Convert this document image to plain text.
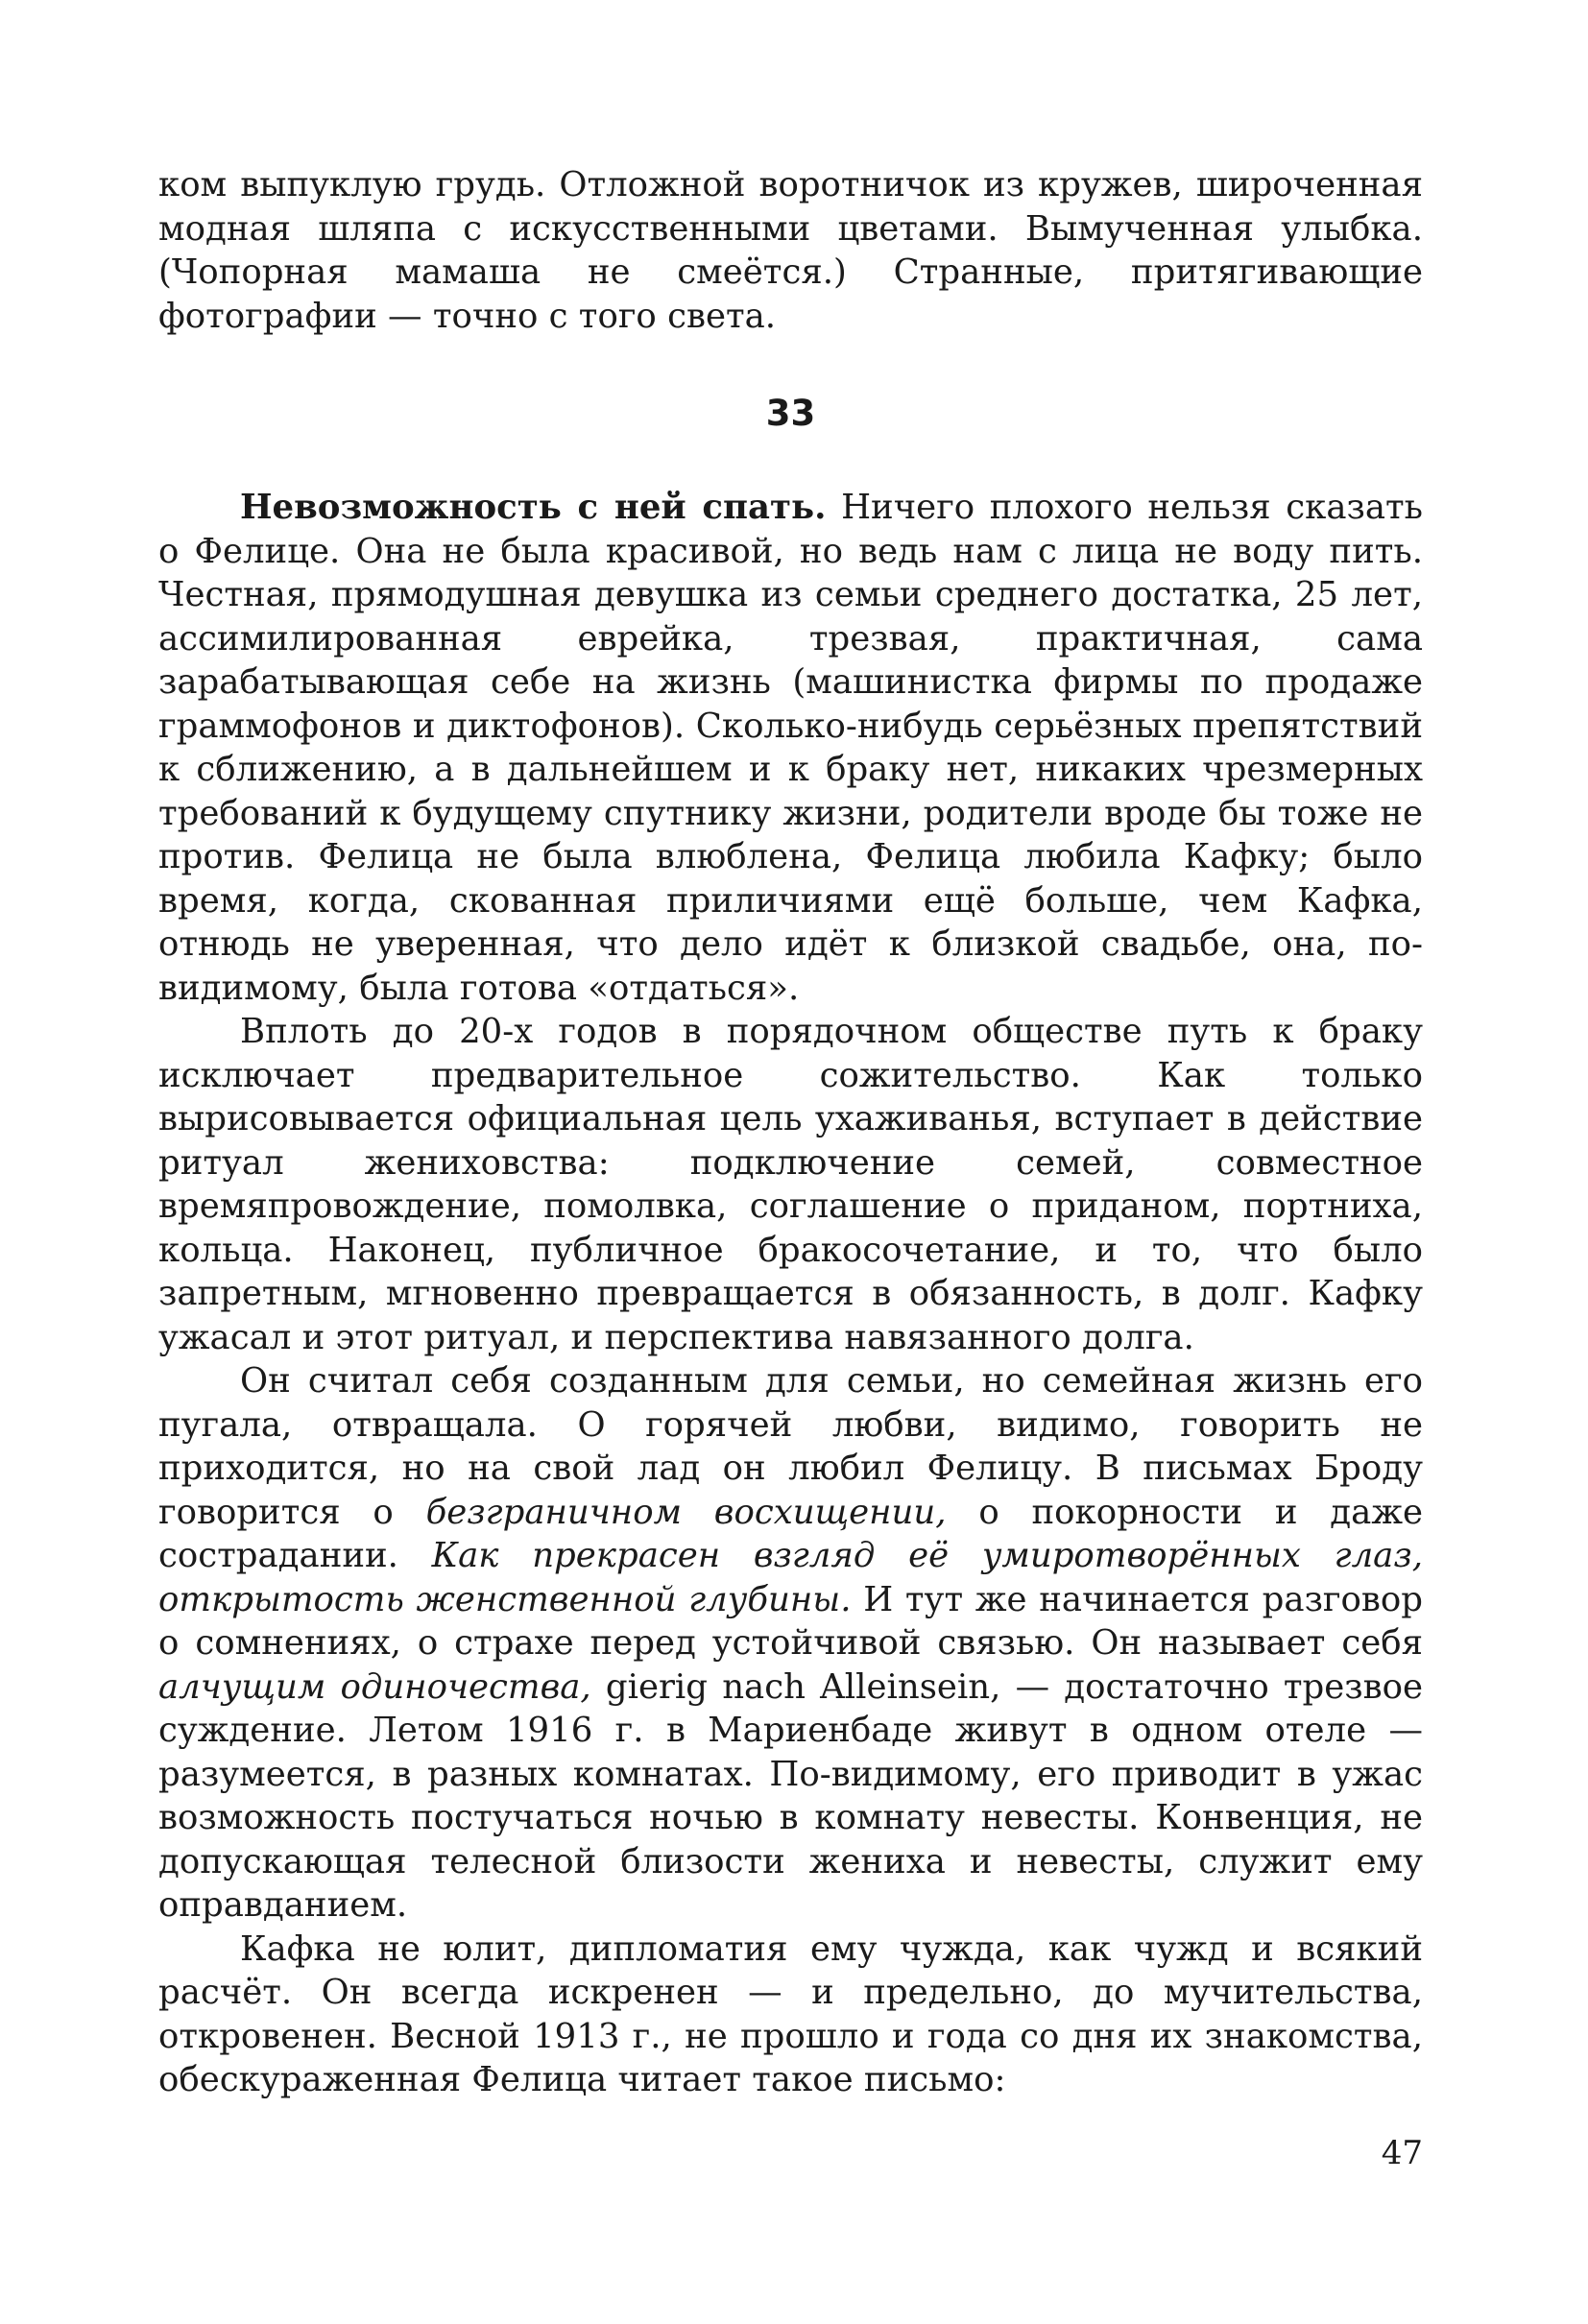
ком выпуклую грудь. Отложной воротничок из кружев, широченная модная шляпа с искусственными цветами. Вымученная улыбка. (Чопорная мамаша не смеётся.) Странные, притягивающие фотографии — точно с того света.

33

Невозможность с ней спать. Ничего плохого нельзя сказать о Фелице. Она не была красивой, но ведь нам с лица не воду пить. Честная, прямодушная девушка из семьи среднего достатка, 25 лет, ассимилированная еврейка, трезвая, практичная, сама зарабатывающая себе на жизнь (машинистка фирмы по продаже граммофонов и диктофонов). Сколько-нибудь серьёзных препятствий к сближению, а в дальнейшем и к браку нет, никаких чрезмерных требований к будущему спутнику жизни, родители вроде бы тоже не против. Фелица не была влюблена, Фелица любила Кафку; было время, когда, скованная приличиями ещё больше, чем Кафка, отнюдь не уверенная, что дело идёт к близкой свадьбе, она, по-видимому, была готова «отдаться».

Вплоть до 20-х годов в порядочном обществе путь к браку исключает предварительное сожительство. Как только вырисовывается официальная цель ухаживанья, вступает в действие ритуал жениховства: подключение семей, совместное времяпровождение, помолвка, соглашение о приданом, портниха, кольца. Наконец, публичное бракосочетание, и то, что было запретным, мгновенно превращается в обязанность, в долг. Кафку ужасал и этот ритуал, и перспектива навязанного долга.

Он считал себя созданным для семьи, но семейная жизнь его пугала, отвращала. О горячей любви, видимо, говорить не приходится, но на свой лад он любил Фелицу. В письмах Броду говорится о безграничном восхищении, о покорности и даже сострадании. Как прекрасен взгляд её умиротворённых глаз, открытость женственной глубины. И тут же начинается разговор о сомнениях, о страхе перед устойчивой связью. Он называет себя алчущим одиночества, gierig nach Alleinsein, — достаточно трезвое суждение. Летом 1916 г. в Мариенбаде живут в одном отеле — разумеется, в разных комнатах. По-видимому, его приводит в ужас возможность постучаться ночью в комнату невесты. Конвенция, не допускающая телесной близости жениха и невесты, служит ему оправданием.

Кафка не юлит, дипломатия ему чужда, как чужд и всякий расчёт. Он всегда искренен — и предельно, до мучительства, откровенен. Весной 1913 г., не прошло и года со дня их знакомства, обескураженная Фелица читает такое письмо:

47
